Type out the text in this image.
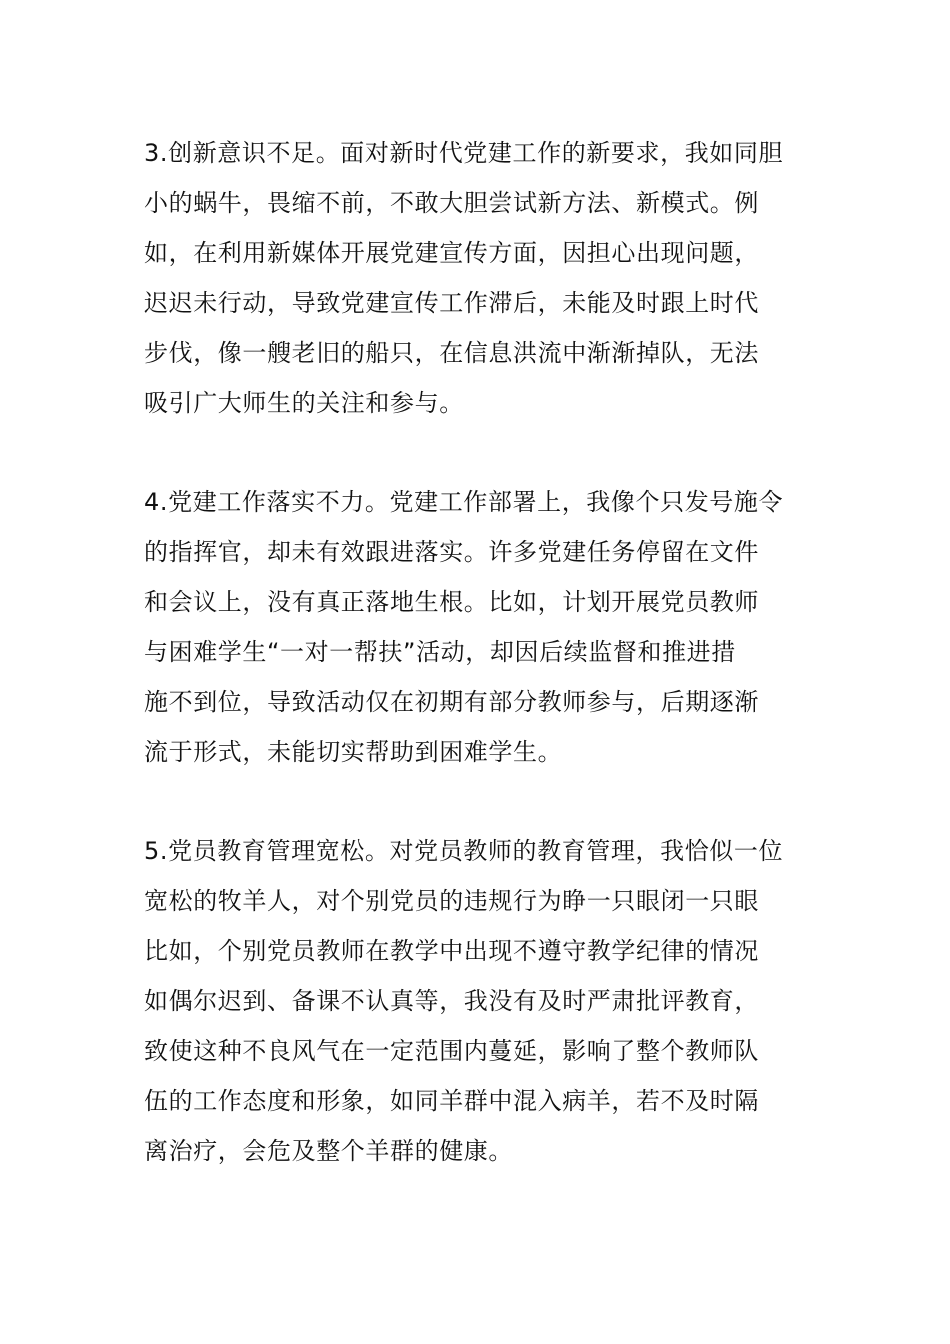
3.创新意识不足。面对新时代党建工作的新要求，我如同胆
小的蜗牛，畏缩不前，不敢大胆尝试新方法、新模式。例
如，在利用新媒体开展党建宣传方面，因担心出现问题，
迟迟未行动，导致党建宣传工作滞后，未能及时跟上时代
步伐，像一艘老旧的船只，在信息洪流中渐渐掉队，无法
吸引广大师生的关注和参与。
4.党建工作落实不力。党建工作部署上，我像个只发号施令
的指挥官，却未有效跟进落实。许多党建任务停留在文件
和会议上，没有真正落地生根。比如，计划开展党员教师
与困难学生“一对一帮扶”活动，却因后续监督和推进措
施不到位，导致活动仅在初期有部分教师参与，后期逐渐
流于形式，未能切实帮助到困难学生。
5.党员教育管理宽松。对党员教师的教育管理，我恰似一位
宽松的牧羊人，对个别党员的违规行为睁一只眼闭一只眼
比如，个别党员教师在教学中出现不遵守教学纪律的情况
如偶尔迟到、备课不认真等，我没有及时严肃批评教育，
致使这种不良风气在一定范围内蔓延，影响了整个教师队
伍的工作态度和形象，如同羊群中混入病羊，若不及时隔
离治疗，会危及整个羊群的健康。
